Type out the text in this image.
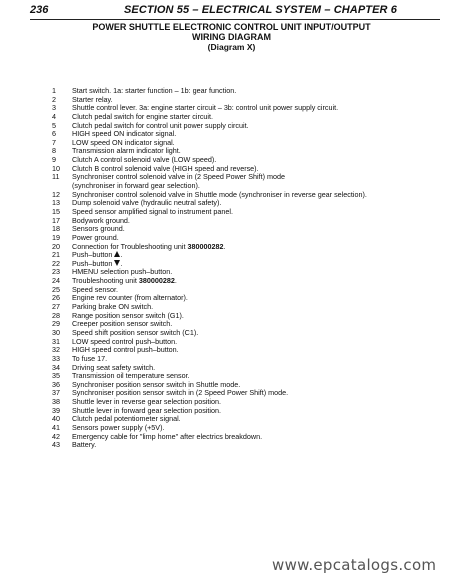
236	SECTION 55 – ELECTRICAL SYSTEM – CHAPTER 6
POWER SHUTTLE ELECTRONIC CONTROL UNIT INPUT/OUTPUT
WIRING DIAGRAM
(Diagram X)
1	Start switch. 1a: starter function – 1b: gear function.
2	Starter relay.
3	Shuttle control lever. 3a: engine starter circuit – 3b: control unit power supply circuit.
4	Clutch pedal switch for engine starter circuit.
5	Clutch pedal switch for control unit power supply circuit.
6	HIGH speed ON indicator signal.
7	LOW speed ON indicator signal.
8	Transmission alarm indicator light.
9	Clutch A control solenoid valve (LOW speed).
10	Clutch B control solenoid valve (HIGH speed and reverse).
11	Synchroniser control solenoid valve in (2 Speed Power Shift) mode
(synchroniser in forward gear selection).
12	Synchroniser control solenoid valve in Shuttle mode (synchroniser in reverse gear selection).
13	Dump solenoid valve (hydraulic neutral safety).
15	Speed sensor amplified signal to instrument panel.
17	Bodywork ground.
18	Sensors ground.
19	Power ground.
20	Connection for Troubleshooting unit 380000282.
21	Push–button .
22	Push–button .
23	HMENU selection push–button.
24	Troubleshooting unit 380000282.
25	Speed sensor.
26	Engine rev counter (from alternator).
27	Parking brake ON switch.
28	Range position sensor switch (G1).
29	Creeper position sensor switch.
30	Speed shift position sensor switch (C1).
31	LOW speed control push–button.
32	HIGH speed control push–button.
33	To fuse 17.
34	Driving seat safety switch.
35	Transmission oil temperature sensor.
36	Synchroniser position sensor switch in Shuttle mode.
37	Synchroniser position sensor switch in (2 Speed Power Shift) mode.
38	Shuttle lever in reverse gear selection position.
39	Shuttle lever in forward gear selection position.
40	Clutch pedal potentiometer signal.
41	Sensors power supply (+5V).
42	Emergency cable for "limp home" after electrics breakdown.
43	Battery.
www.epcatalogs.com
